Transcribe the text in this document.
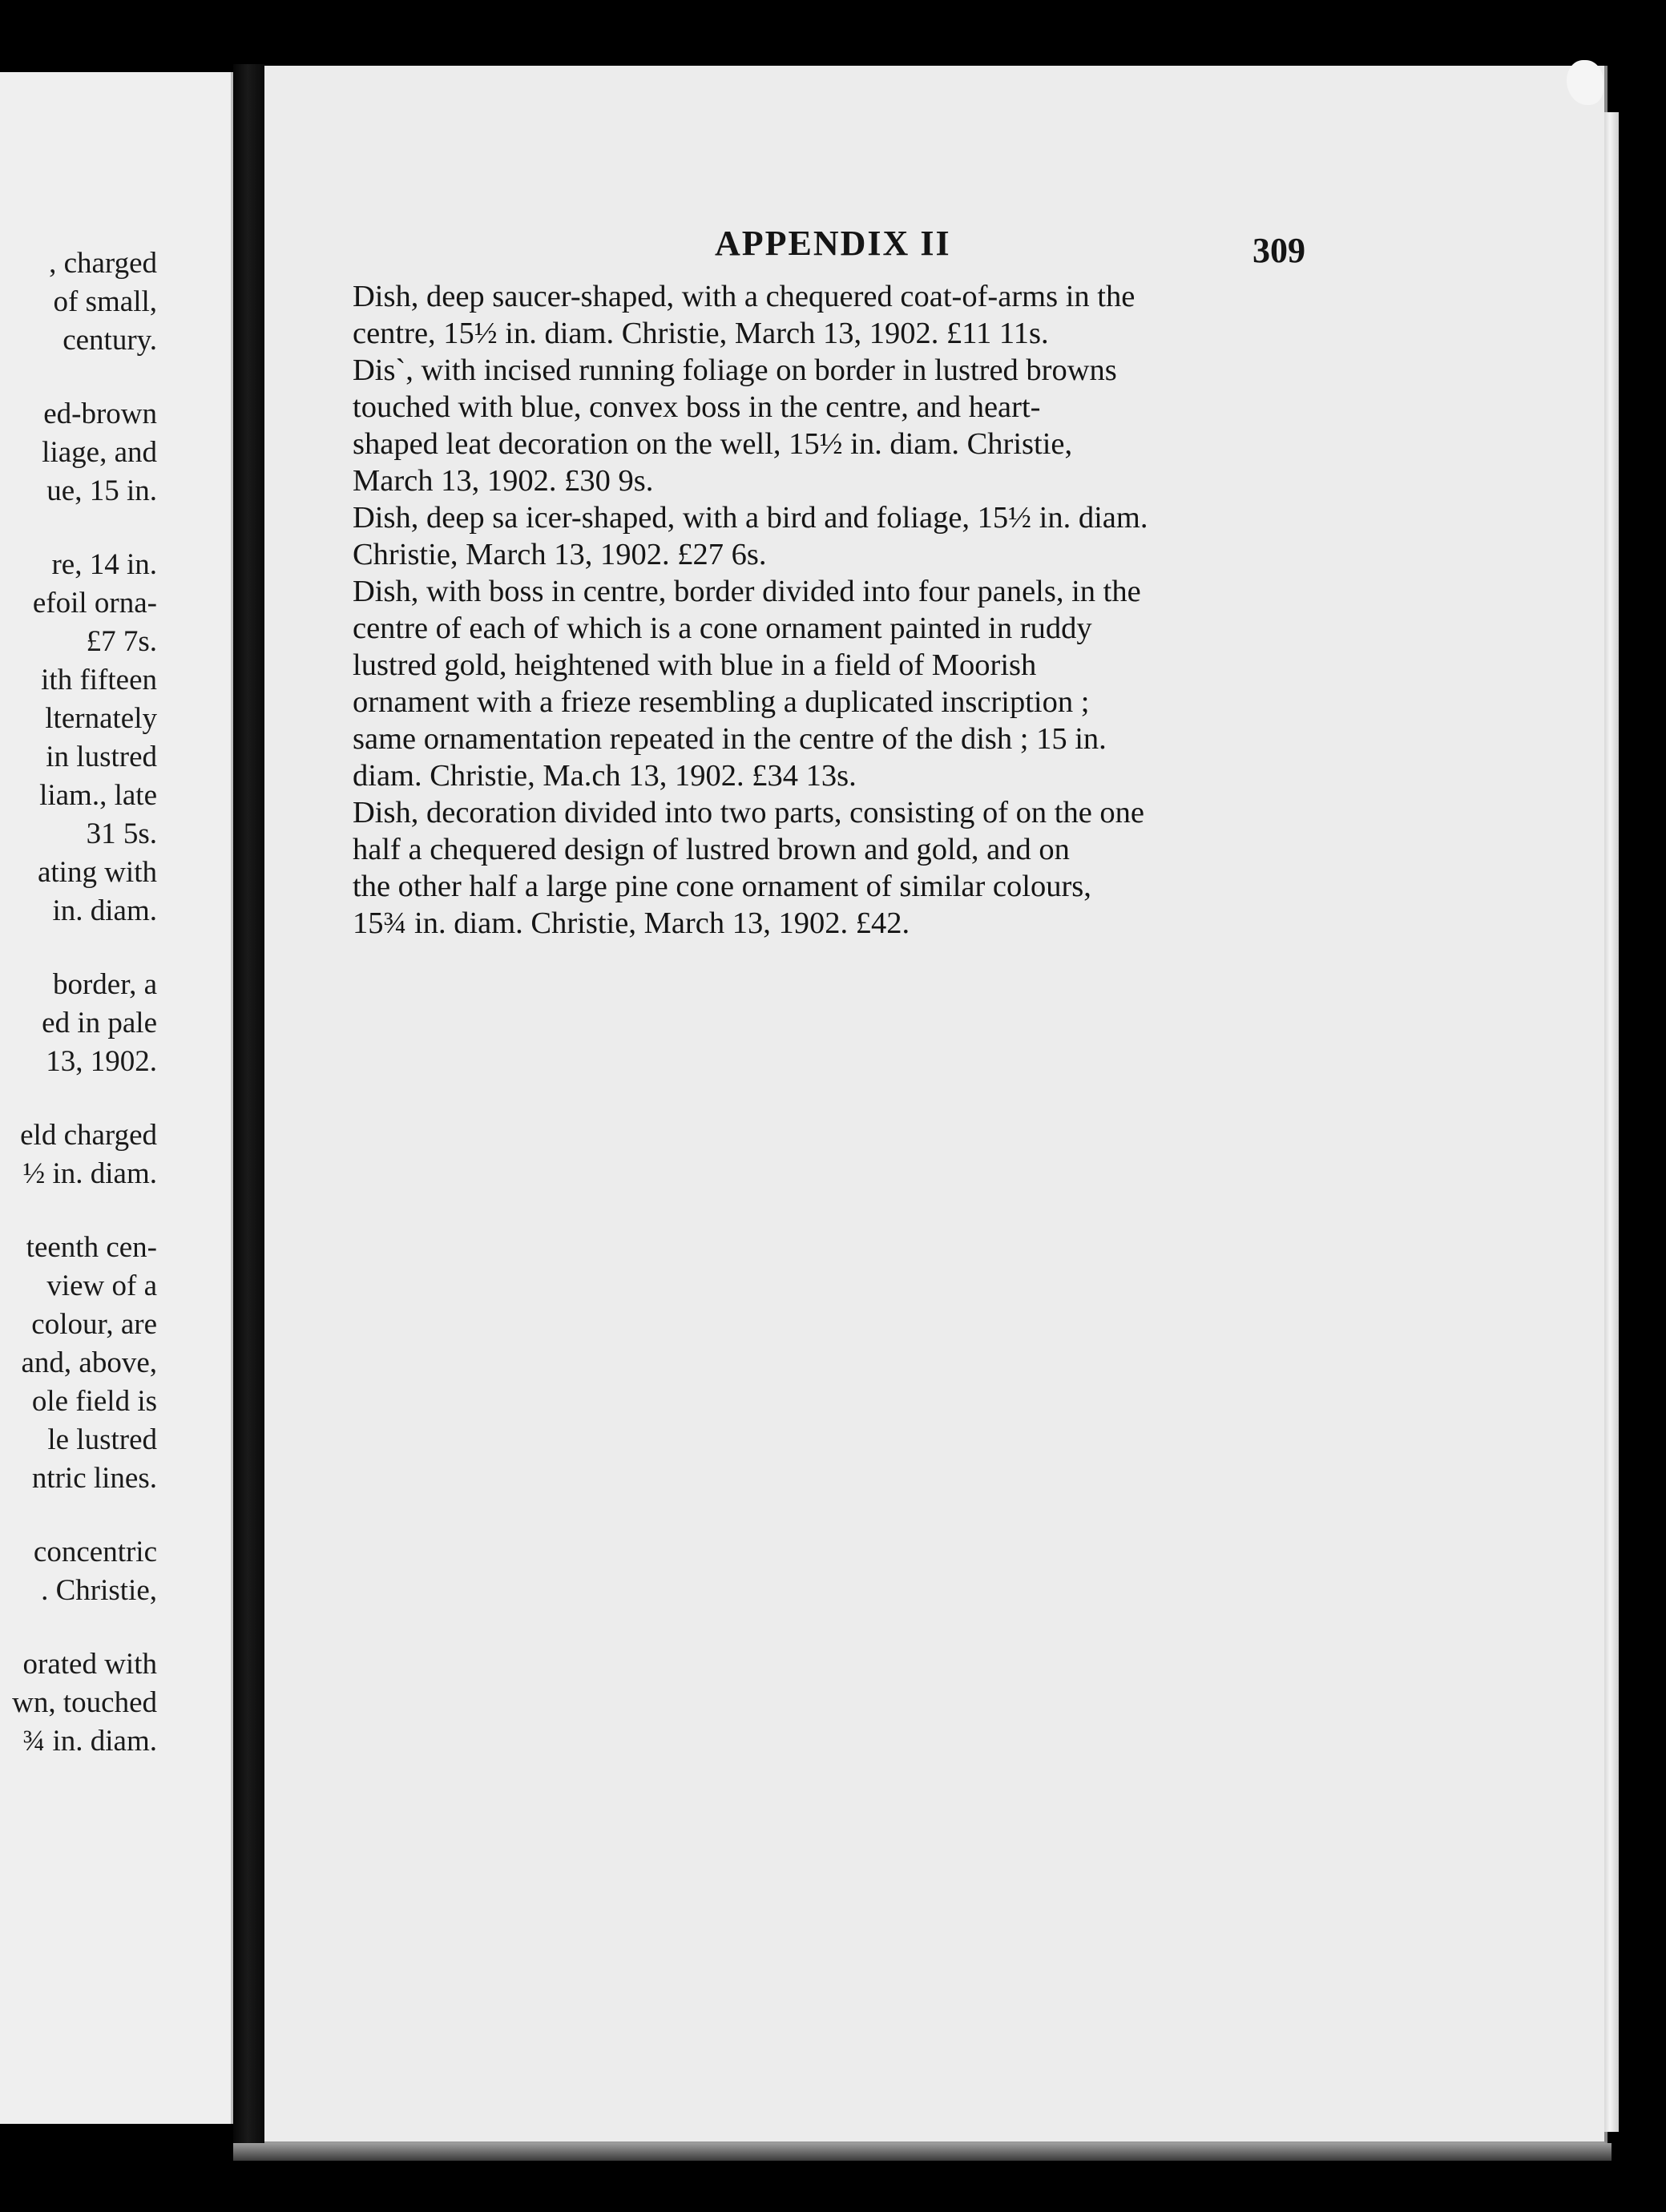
, charged
of small,
century.
ed-brown
liage, and
ue, 15 in.
re, 14 in.
efoil orna-
£7 7s.
ith fifteen
lternately
in lustred
liam., late
31 5s.
ating with
in. diam.
border, a
ed in pale
13, 1902.
eld charged
½ in. diam.
teenth cen-
view of a
colour, are
and, above,
ole field is
le lustred
ntric lines.
concentric
. Christie,
orated with
wn, touched
¾ in. diam.
APPENDIX II	309
Dish, deep saucer-shaped, with a chequered coat-of-arms in the
centre, 15½ in. diam. Christie, March 13, 1902. £11 11s.
Dis`, with incised running foliage on border in lustred browns
touched with blue, convex boss in the centre, and heart-
shaped leat decoration on the well, 15½ in. diam. Christie,
March 13, 1902. £30 9s.
Dish, deep sa icer-shaped, with a bird and foliage, 15½ in. diam.
Christie, March 13, 1902. £27 6s.
Dish, with boss in centre, border divided into four panels, in the
centre of each of which is a cone ornament painted in ruddy
lustred gold, heightened with blue in a field of Moorish
ornament with a frieze resembling a duplicated inscription ;
same ornamentation repeated in the centre of the dish ; 15 in.
diam. Christie, Ma.ch 13, 1902. £34 13s.
Dish, decoration divided into two parts, consisting of on the one
half a chequered design of lustred brown and gold, and on
the other half a large pine cone ornament of similar colours,
15¾ in. diam. Christie, March 13, 1902. £42.
